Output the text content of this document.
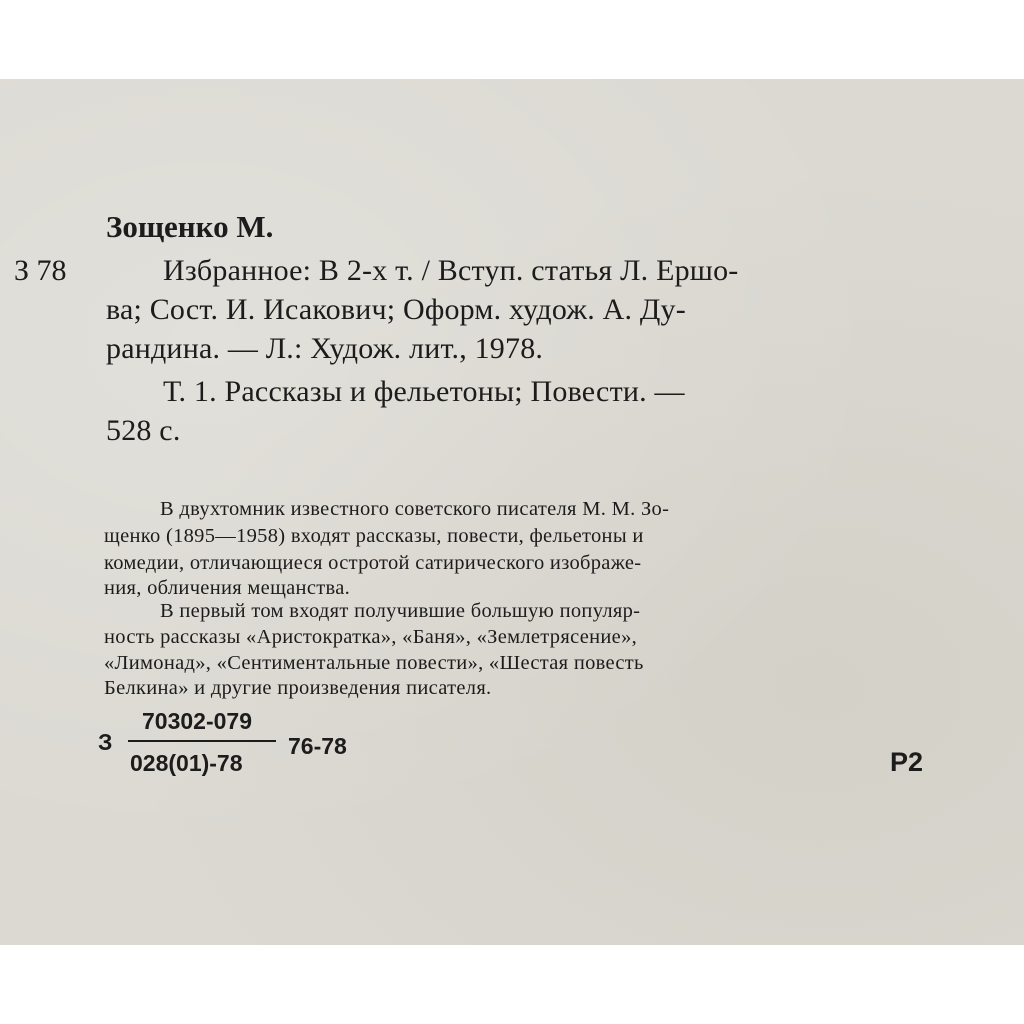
Зощенко М.
З 78	Избранное: В 2-х т. / Вступ. статья Л. Ершо-
ва; Сост. И. Исакович; Оформ. худож. А. Ду-
рандина. — Л.: Худож. лит., 1978.
Т. 1. Рассказы и фельетоны; Повести. —
528 с.
В двухтомник известного советского писателя М. М. Зо-
щенко (1895—1958) входят рассказы, повести, фельетоны и
комедии, отличающиеся остротой сатирического изображе-
ния, обличения мещанства.
В первый том входят получившие большую популяр-
ность рассказы «Аристократка», «Баня», «Землетрясение»,
«Лимонад», «Сентиментальные повести», «Шестая повесть
Белкина» и другие произведения писателя.
З
70302-079
028(01)-78
76-78
Р2
